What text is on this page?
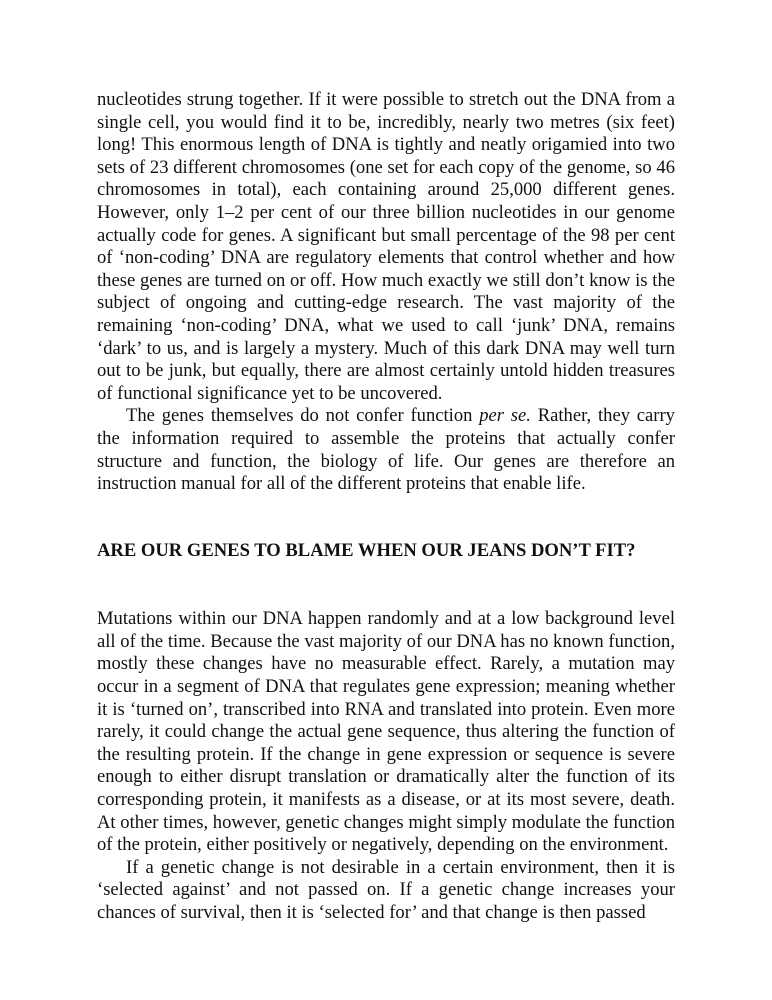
nucleotides strung together. If it were possible to stretch out the DNA from a single cell, you would find it to be, incredibly, nearly two metres (six feet) long! This enormous length of DNA is tightly and neatly origamied into two sets of 23 different chromosomes (one set for each copy of the genome, so 46 chromosomes in total), each containing around 25,000 different genes. However, only 1–2 per cent of our three billion nucleotides in our genome actually code for genes. A significant but small percentage of the 98 per cent of ‘non-coding’ DNA are regulatory elements that control whether and how these genes are turned on or off. How much exactly we still don’t know is the subject of ongoing and cutting-edge research. The vast majority of the remaining ‘non-coding’ DNA, what we used to call ‘junk’ DNA, remains ‘dark’ to us, and is largely a mystery. Much of this dark DNA may well turn out to be junk, but equally, there are almost certainly untold hidden treasures of functional significance yet to be uncovered.

The genes themselves do not confer function per se. Rather, they carry the information required to assemble the proteins that actually confer structure and function, the biology of life. Our genes are therefore an instruction manual for all of the different proteins that enable life.

ARE OUR GENES TO BLAME WHEN OUR JEANS DON’T FIT?

Mutations within our DNA happen randomly and at a low background level all of the time. Because the vast majority of our DNA has no known function, mostly these changes have no measurable effect. Rarely, a mutation may occur in a segment of DNA that regulates gene expression; meaning whether it is ‘turned on’, transcribed into RNA and translated into protein. Even more rarely, it could change the actual gene sequence, thus altering the function of the resulting protein. If the change in gene expression or sequence is severe enough to either disrupt translation or dramatically alter the function of its corresponding protein, it manifests as a disease, or at its most severe, death. At other times, however, genetic changes might simply modulate the function of the protein, either positively or negatively, depending on the environment.

If a genetic change is not desirable in a certain environment, then it is ‘selected against’ and not passed on. If a genetic change increases your chances of survival, then it is ‘selected for’ and that change is then passed
